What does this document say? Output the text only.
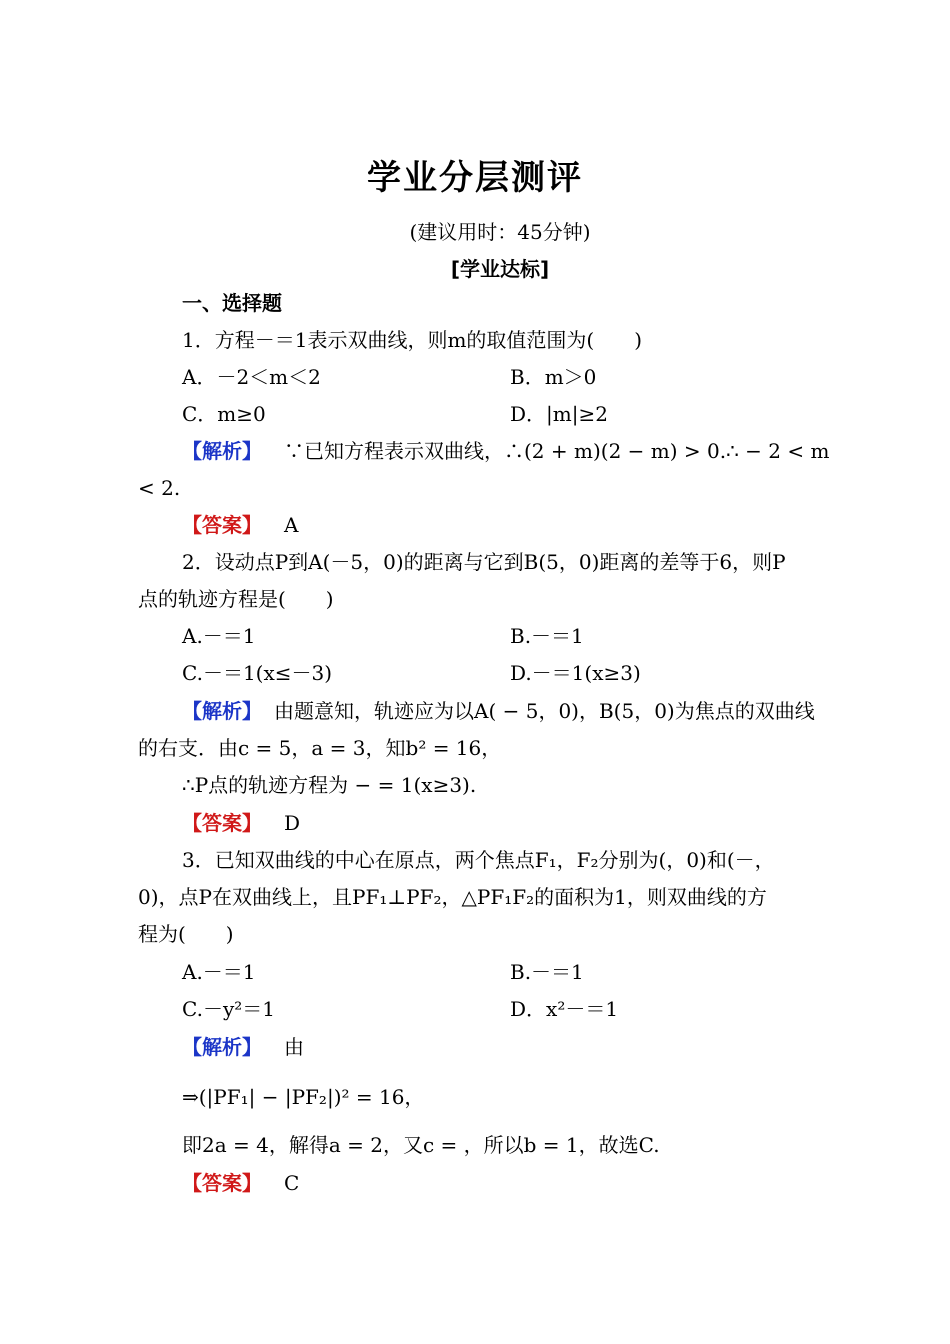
学业分层测评
(建议用时：45分钟)
[学业达标]
一、选择题
1．方程－＝1表示双曲线，则m的取值范围为(　　)
A．－2＜m＜2	B．m＞0
C．m≥0	D．|m|≥2
【解析】 ∵已知方程表示双曲线，∴(2 + m)(2 − m) > 0.∴ − 2 < m
< 2.
【答案】 A
2．设动点P到A(－5，0)的距离与它到B(5，0)距离的差等于6，则P
点的轨迹方程是(　　)
A.－＝1	B.－＝1
C.－＝1(x≤－3)	D.－＝1(x≥3)
【解析】 由题意知，轨迹应为以A( − 5，0)，B(5，0)为焦点的双曲线
的右支．由c = 5，a = 3，知b² = 16，
∴P点的轨迹方程为 − = 1(x≥3).
【答案】 D
3．已知双曲线的中心在原点，两个焦点F₁，F₂分别为(，0)和(－，
0)，点P在双曲线上，且PF₁⊥PF₂，△PF₁F₂的面积为1，则双曲线的方
程为(　　)
A.－＝1	B.－＝1
C.－y²＝1	D．x²－＝1
【解析】 由
⇒(|PF₁| − |PF₂|)² = 16，
即2a = 4，解得a = 2，又c = ，所以b = 1，故选C.
【答案】 C
